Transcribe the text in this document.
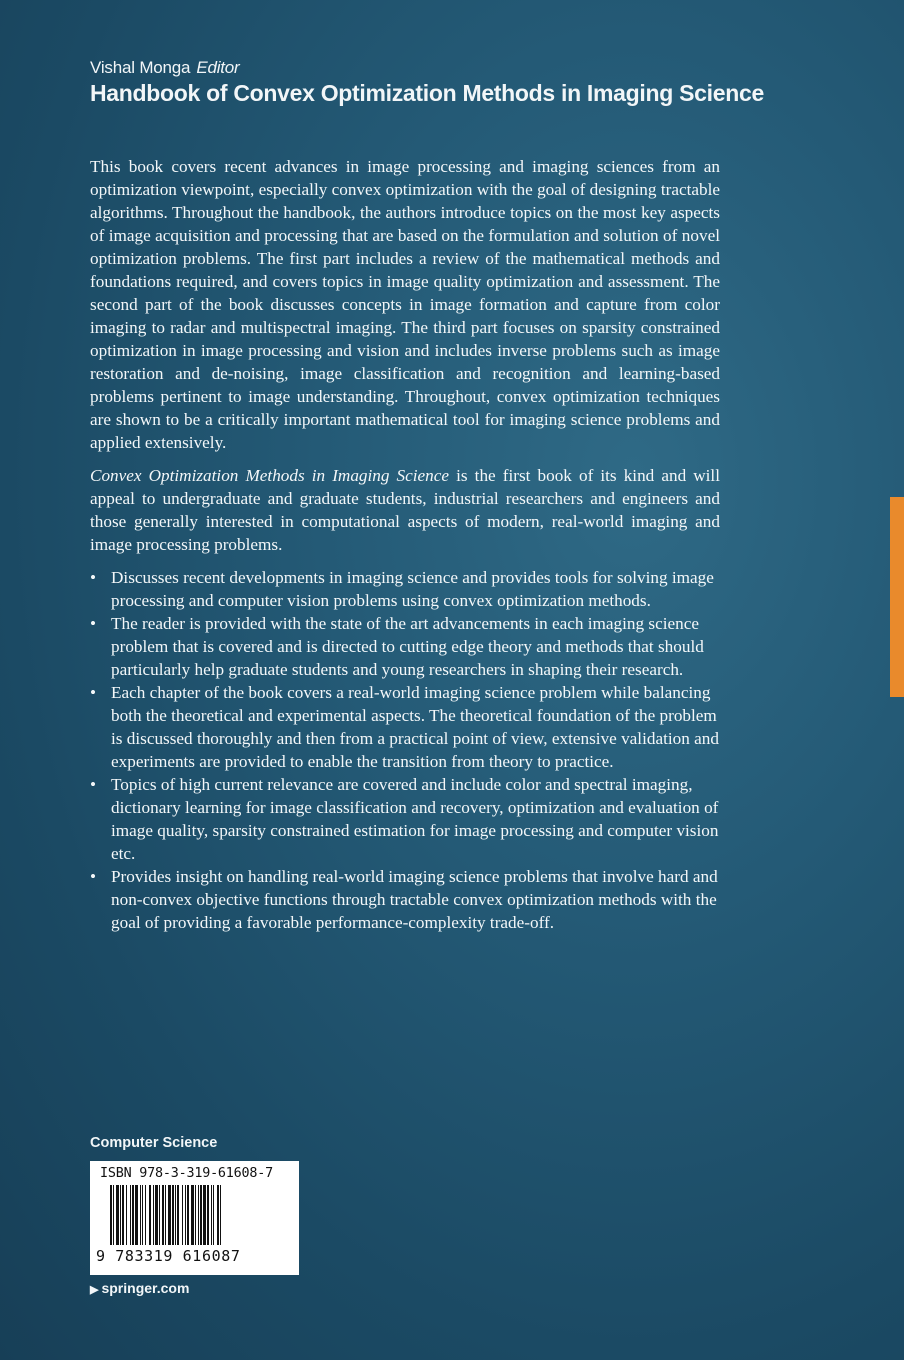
Vishal Monga Editor
Handbook of Convex Optimization Methods in Imaging Science

This book covers recent advances in image processing and imaging sciences from an optimization viewpoint, especially convex optimization with the goal of designing tractable algorithms. Throughout the handbook, the authors introduce topics on the most key aspects of image acquisition and processing that are based on the formulation and solution of novel optimization problems. The first part includes a review of the mathematical methods and foundations required, and covers topics in image quality optimization and assessment. The second part of the book discusses concepts in image formation and capture from color imaging to radar and multispectral imaging. The third part focuses on sparsity constrained optimization in image processing and vision and includes inverse problems such as image restoration and de-noising, image classification and recognition and learning-based problems pertinent to image understanding. Throughout, convex optimization techniques are shown to be a critically important mathematical tool for imaging science problems and applied extensively.

Convex Optimization Methods in Imaging Science is the first book of its kind and will appeal to undergraduate and graduate students, industrial researchers and engineers and those generally interested in computational aspects of modern, real-world imaging and image processing problems.

• Discusses recent developments in imaging science and provides tools for solving image processing and computer vision problems using convex optimization methods.
• The reader is provided with the state of the art advancements in each imaging science problem that is covered and is directed to cutting edge theory and methods that should particularly help graduate students and young researchers in shaping their research.
• Each chapter of the book covers a real-world imaging science problem while balancing both the theoretical and experimental aspects. The theoretical foundation of the problem is discussed thoroughly and then from a practical point of view, extensive validation and experiments are provided to enable the transition from theory to practice.
• Topics of high current relevance are covered and include color and spectral imaging, dictionary learning for image classification and recovery, optimization and evaluation of image quality, sparsity constrained estimation for image processing and computer vision etc.
• Provides insight on handling real-world imaging science problems that involve hard and non-convex objective functions through tractable convex optimization methods with the goal of providing a favorable performance-complexity trade-off.
Computer Science
ISBN 978-3-319-61608-7
9 783319 616087
▶ springer.com
